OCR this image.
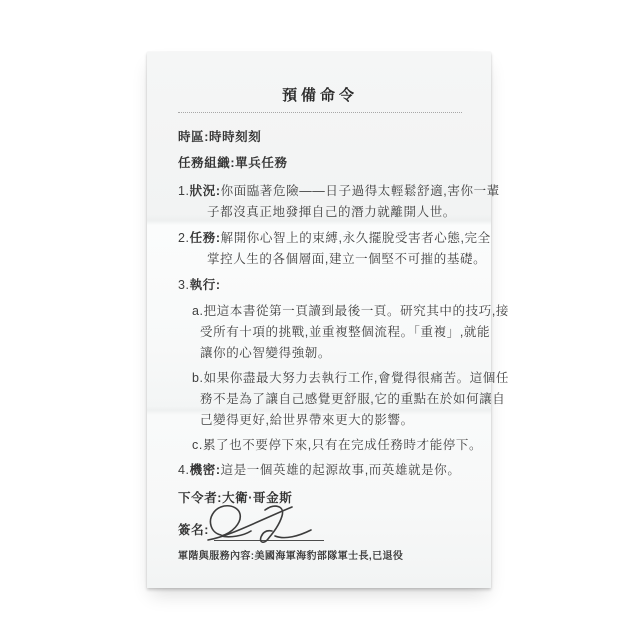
預備命令
時區:時時刻刻
任務組織:單兵任務
1.狀況:你面臨著危險——日子過得太輕鬆舒適,害你一輩
子都沒真正地發揮自己的潛力就離開人世。
2.任務:解開你心智上的束縛,永久擺脫受害者心態,完全
掌控人生的各個層面,建立一個堅不可摧的基礎。
3.執行:
a.把這本書從第一頁讀到最後一頁。研究其中的技巧,接
受所有十項的挑戰,並重複整個流程。「重複」,就能
讓你的心智變得強韌。
b.如果你盡最大努力去執行工作,會覺得很痛苦。這個任
務不是為了讓自己感覺更舒服,它的重點在於如何讓自
己變得更好,給世界帶來更大的影響。
c.累了也不要停下來,只有在完成任務時才能停下。
4.機密:這是一個英雄的起源故事,而英雄就是你。
下令者:大衛·哥金斯
簽名:
軍階與服務內容:美國海軍海豹部隊軍士長,已退役
